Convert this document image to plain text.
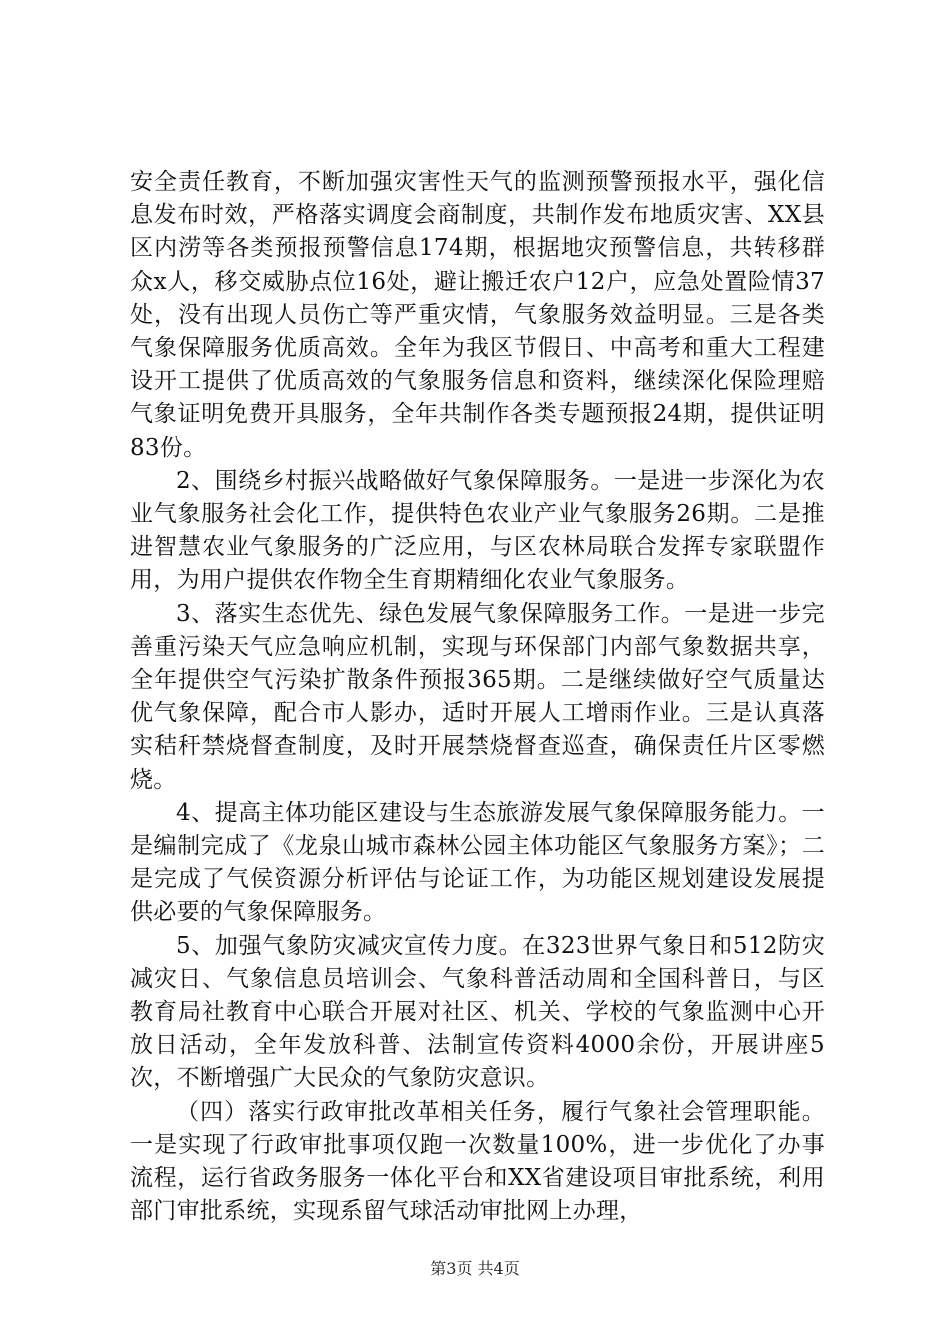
安全责任教育，不断加强灾害性天气的监测预警预报水平，强化信息发布时效，严格落实调度会商制度，共制作发布地质灾害、XX县区内涝等各类预报预警信息174期，根据地灾预警信息，共转移群众x人，移交威胁点位16处，避让搬迁农户12户，应急处置险情37处，没有出现人员伤亡等严重灾情，气象服务效益明显。三是各类气象保障服务优质高效。全年为我区节假日、中高考和重大工程建设开工提供了优质高效的气象服务信息和资料，继续深化保险理赔气象证明免费开具服务，全年共制作各类专题预报24期，提供证明83份。

2、围绕乡村振兴战略做好气象保障服务。一是进一步深化为农业气象服务社会化工作，提供特色农业产业气象服务26期。二是推进智慧农业气象服务的广泛应用，与区农林局联合发挥专家联盟作用，为用户提供农作物全生育期精细化农业气象服务。

3、落实生态优先、绿色发展气象保障服务工作。一是进一步完善重污染天气应急响应机制，实现与环保部门内部气象数据共享，全年提供空气污染扩散条件预报365期。二是继续做好空气质量达优气象保障，配合市人影办，适时开展人工增雨作业。三是认真落实秸秆禁烧督查制度，及时开展禁烧督查巡查，确保责任片区零燃烧。

4、提高主体功能区建设与生态旅游发展气象保障服务能力。一是编制完成了《龙泉山城市森林公园主体功能区气象服务方案》；二是完成了气侯资源分析评估与论证工作，为功能区规划建设发展提供必要的气象保障服务。

5、加强气象防灾减灾宣传力度。在323世界气象日和512防灾减灾日、气象信息员培训会、气象科普活动周和全国科普日，与区教育局社教育中心联合开展对社区、机关、学校的气象监测中心开放日活动，全年发放科普、法制宣传资料4000余份，开展讲座5次，不断增强广大民众的气象防灾意识。

（四）落实行政审批改革相关任务，履行气象社会管理职能。一是实现了行政审批事项仅跑一次数量100%，进一步优化了办事流程，运行省政务服务一体化平台和XX省建设项目审批系统，利用部门审批系统，实现系留气球活动审批网上办理，

第3页 共4页
